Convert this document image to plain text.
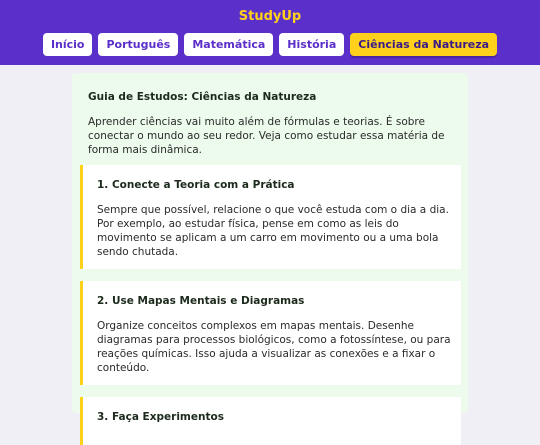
StudyUp
Início	Português	Matemática	História	Ciências da Natureza
Guia de Estudos: Ciências da Natureza

Aprender ciências vai muito além de fórmulas e teorias. É sobre conectar o mundo ao seu redor. Veja como estudar essa matéria de forma mais dinâmica.

1. Conecte a Teoria com a Prática

Sempre que possível, relacione o que você estuda com o dia a dia. Por exemplo, ao estudar física, pense em como as leis do movimento se aplicam a um carro em movimento ou a uma bola sendo chutada.

2. Use Mapas Mentais e Diagramas

Organize conceitos complexos em mapas mentais. Desenhe diagramas para processos biológicos, como a fotossíntese, ou para reações químicas. Isso ajuda a visualizar as conexões e a fixar o conteúdo.

3. Faça Experimentos
